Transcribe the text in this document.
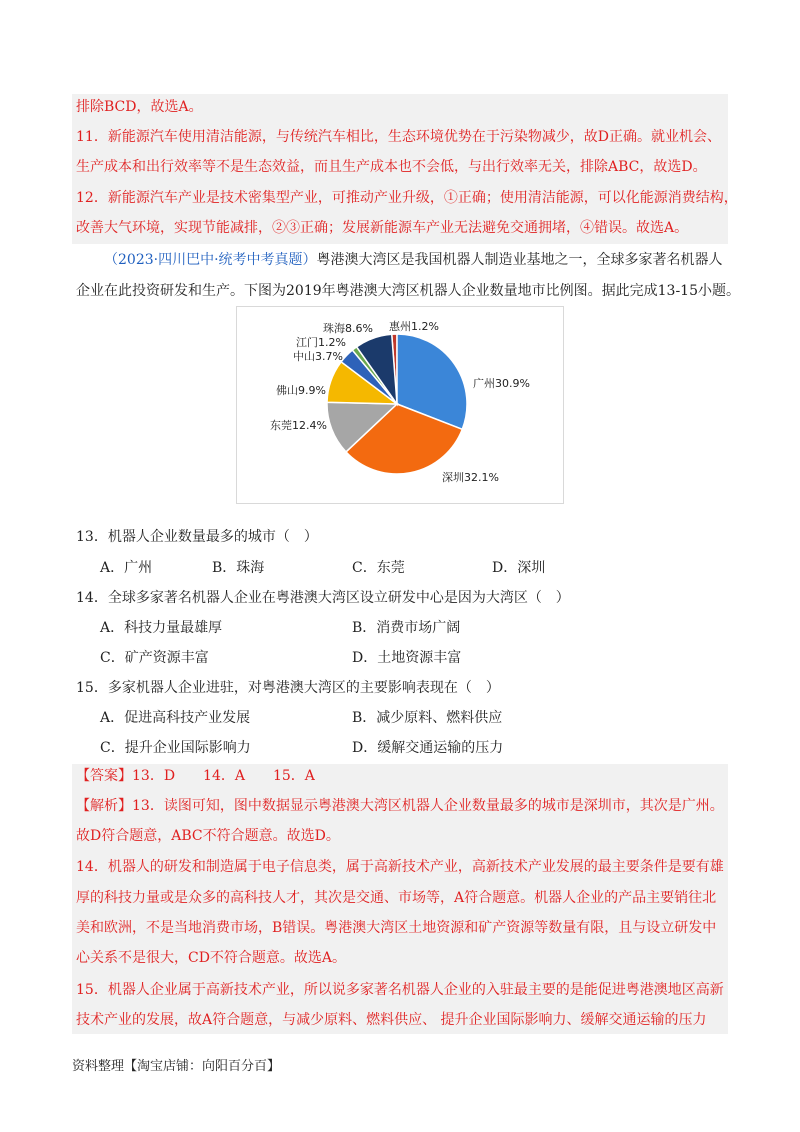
排除BCD，故选A。
11．新能源汽车使用清洁能源，与传统汽车相比，生态环境优势在于污染物减少，故D正确。就业机会、
生产成本和出行效率等不是生态效益，而且生产成本也不会低，与出行效率无关，排除ABC，故选D。
12．新能源汽车产业是技术密集型产业，可推动产业升级，①正确；使用清洁能源，可以化能源消费结构，
改善大气环境，实现节能减排，②③正确；发展新能源车产业无法避免交通拥堵，④错误。故选A。
（2023·四川巴中·统考中考真题）粤港澳大湾区是我国机器人制造业基地之一，全球多家著名机器人
企业在此投资研发和生产。下图为2019年粤港澳大湾区机器人企业数量地市比例图。据此完成13-15小题。
惠州1.2%
广州30.9%
深圳32.1%
东莞12.4%
佛山9.9%
中山3.7%
江门1.2%
珠海8.6%
13．机器人企业数量最多的城市（　）
A．广州	B．珠海	C．东莞	D．深圳
14．全球多家著名机器人企业在粤港澳大湾区设立研发中心是因为大湾区（　）
A．科技力量最雄厚	B．消费市场广阔
C．矿产资源丰富	D．土地资源丰富
15．多家机器人企业进驻，对粤港澳大湾区的主要影响表现在（　）
A．促进高科技产业发展	B．减少原料、燃料供应
C．提升企业国际影响力	D．缓解交通运输的压力
【答案】13．D　　14．A　　15．A
【解析】13．读图可知，图中数据显示粤港澳大湾区机器人企业数量最多的城市是深圳市，其次是广州。
故D符合题意，ABC不符合题意。故选D。
14．机器人的研发和制造属于电子信息类，属于高新技术产业，高新技术产业发展的最主要条件是要有雄
厚的科技力量或是众多的高科技人才，其次是交通、市场等，A符合题意。机器人企业的产品主要销往北
美和欧洲，不是当地消费市场，B错误。粤港澳大湾区土地资源和矿产资源等数量有限，且与设立研发中
心关系不是很大，CD不符合题意。故选A。
15．机器人企业属于高新技术产业，所以说多家著名机器人企业的入驻最主要的是能促进粤港澳地区高新
技术产业的发展，故A符合题意，与减少原料、燃料供应、 提升企业国际影响力、缓解交通运输的压力
资料整理【淘宝店铺：向阳百分百】
